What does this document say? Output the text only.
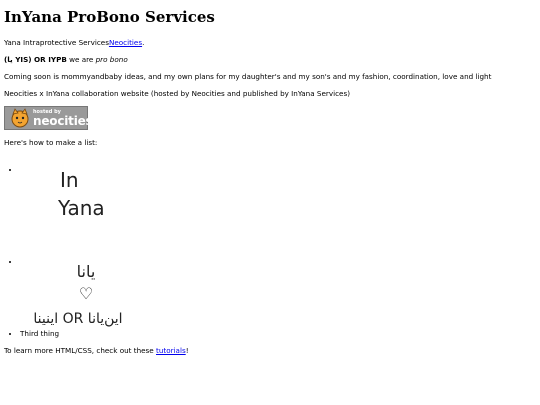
InYana ProBono Services

Yana Intraprotective ServicesNeocities.

(يا YIS) OR IYPB we are pro bono

Coming soon is mommyandbaby ideas, and my own plans for my daughter's and my son's and my fashion, coordination, love and light

Neocities x InYana collaboration website (hosted by Neocities and published by InYana Services)

hosted by
neocities

Here's how to make a list:

• In
Yana
• يانا
♡
اينينا OR اين‌يانا
• Third thing

To learn more HTML/CSS, check out these tutorials!
